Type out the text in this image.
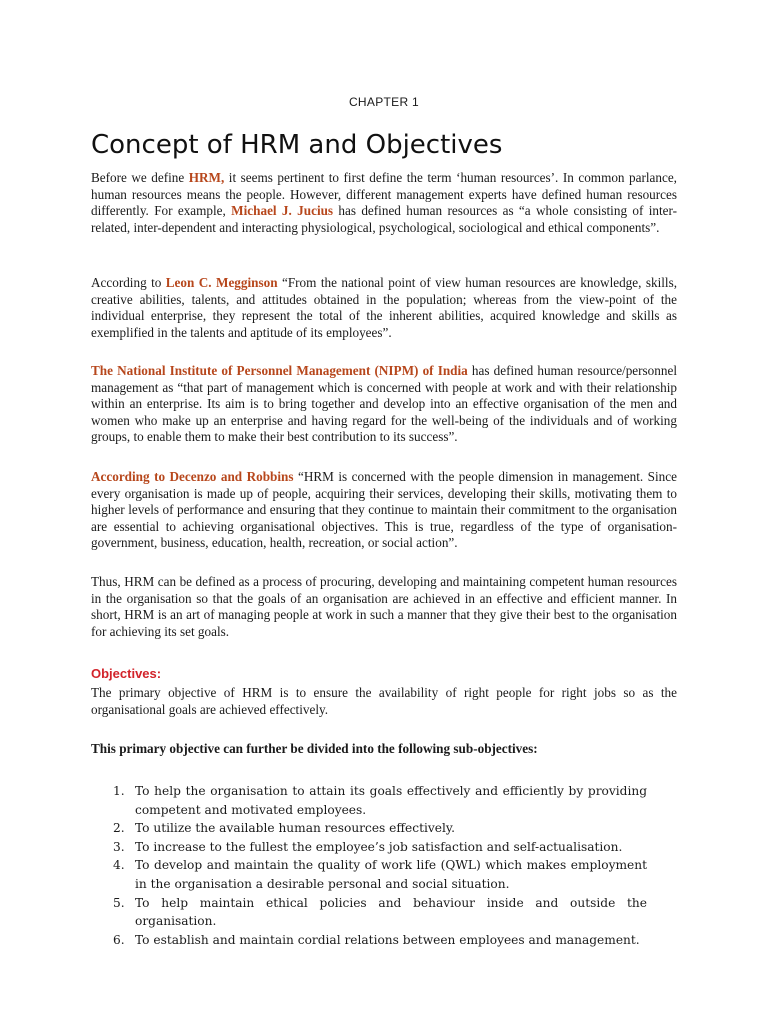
CHAPTER 1
Concept of HRM and Objectives

Before we define HRM, it seems pertinent to first define the term ‘human resources’. In common parlance, human resources means the people. However, different management experts have defined human resources differently. For example, Michael J. Jucius has defined human resources as “a whole consisting of inter-related, inter-dependent and interacting physiological, psychological, sociological and ethical components”.

According to Leon C. Megginson “From the national point of view human resources are knowledge, skills, creative abilities, talents, and attitudes obtained in the population; whereas from the view-point of the individual enterprise, they represent the total of the inherent abilities, acquired knowledge and skills as exemplified in the talents and aptitude of its employees”.

The National Institute of Personnel Management (NIPM) of India has defined human resource/personnel management as “that part of management which is concerned with people at work and with their relationship within an enterprise. Its aim is to bring together and develop into an effective organisation of the men and women who make up an enterprise and having regard for the well-being of the individuals and of working groups, to enable them to make their best contribution to its success”.

According to Decenzo and Robbins “HRM is concerned with the people dimension in management. Since every organisation is made up of people, acquiring their services, developing their skills, motivating them to higher levels of performance and ensuring that they continue to maintain their commitment to the organisation are essential to achieving organisational objectives. This is true, regardless of the type of organisation-government, business, education, health, recreation, or social action”.

Thus, HRM can be defined as a process of procuring, developing and maintaining competent human resources in the organisation so that the goals of an organisation are achieved in an effective and efficient manner. In short, HRM is an art of managing people at work in such a manner that they give their best to the organisation for achieving its set goals.

Objectives:

The primary objective of HRM is to ensure the availability of right people for right jobs so as the organisational goals are achieved effectively.

This primary objective can further be divided into the following sub-objectives:
1. To help the organisation to attain its goals effectively and efficiently by providing competent and motivated employees.
2. To utilize the available human resources effectively.
3. To increase to the fullest the employee’s job satisfaction and self-actualisation.
4. To develop and maintain the quality of work life (QWL) which makes employment in the organisation a desirable personal and social situation.
5. To help maintain ethical policies and behaviour inside and outside the organisation.
6. To establish and maintain cordial relations between employees and management.
